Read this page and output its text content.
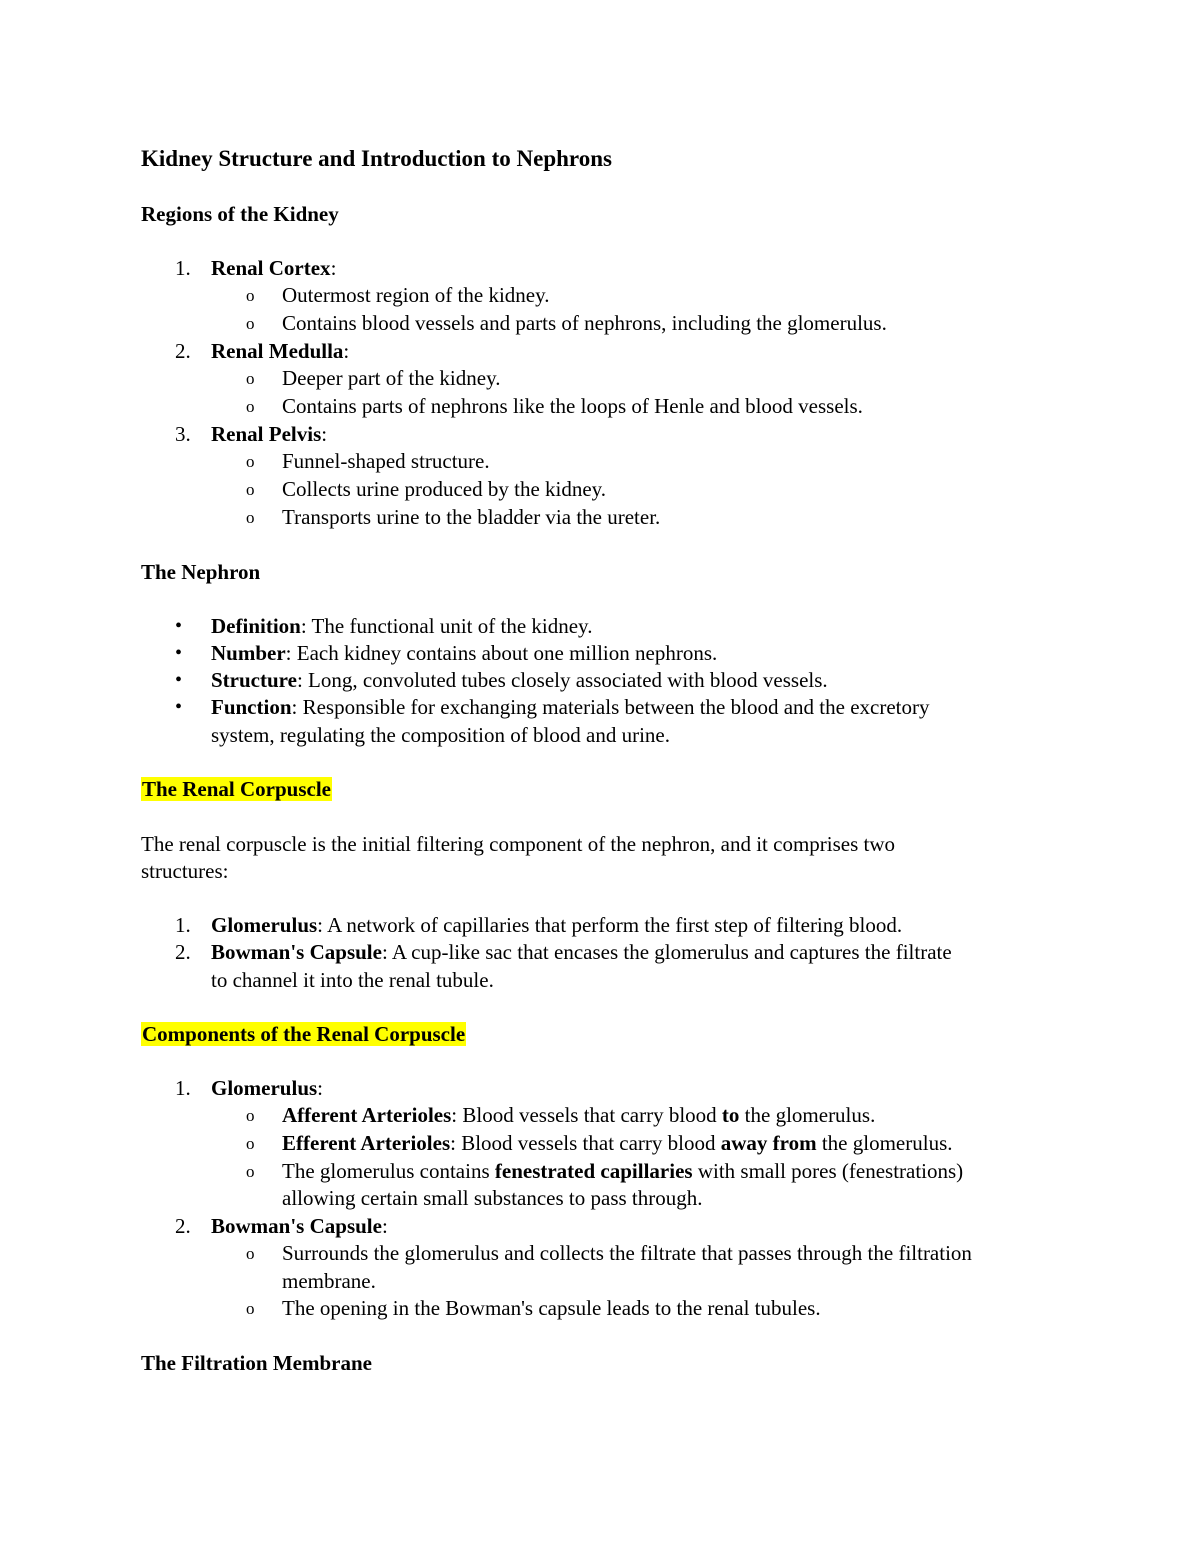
Kidney Structure and Introduction to Nephrons
Regions of the Kidney
1. Renal Cortex:
o Outermost region of the kidney.
o Contains blood vessels and parts of nephrons, including the glomerulus.
2. Renal Medulla:
o Deeper part of the kidney.
o Contains parts of nephrons like the loops of Henle and blood vessels.
3. Renal Pelvis:
o Funnel-shaped structure.
o Collects urine produced by the kidney.
o Transports urine to the bladder via the ureter.
The Nephron
• Definition: The functional unit of the kidney.
• Number: Each kidney contains about one million nephrons.
• Structure: Long, convoluted tubes closely associated with blood vessels.
• Function: Responsible for exchanging materials between the blood and the excretory
system, regulating the composition of blood and urine.
The Renal Corpuscle
The renal corpuscle is the initial filtering component of the nephron, and it comprises two
structures:
1. Glomerulus: A network of capillaries that perform the first step of filtering blood.
2. Bowman's Capsule: A cup-like sac that encases the glomerulus and captures the filtrate
to channel it into the renal tubule.
Components of the Renal Corpuscle
1. Glomerulus:
o Afferent Arterioles: Blood vessels that carry blood to the glomerulus.
o Efferent Arterioles: Blood vessels that carry blood away from the glomerulus.
o The glomerulus contains fenestrated capillaries with small pores (fenestrations)
allowing certain small substances to pass through.
2. Bowman's Capsule:
o Surrounds the glomerulus and collects the filtrate that passes through the filtration
membrane.
o The opening in the Bowman's capsule leads to the renal tubules.
The Filtration Membrane
